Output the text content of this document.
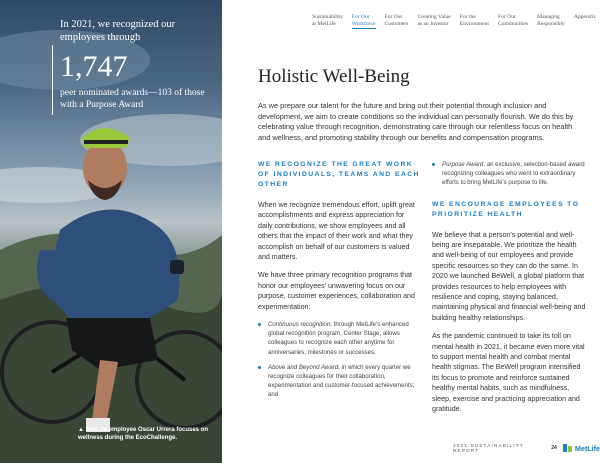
In 2021, we recognized our employees through
1,747
peer nominated awards—103 of those with a Purpose Award
▲ MetLife employee Oscar Urrera focuses on wellness during the EcoChallenge.
Sustainability
at MetLife
For Our
Workforce
For Our
Customers
Creating Value
as an Investor
For the
Environment
For Our
Communities
Managing
Responsibly
Appendix
Holistic Well-Being

As we prepare our talent for the future and bring out their potential through inclusion and development, we aim to create conditions so the individual can personally flourish. We do this by celebrating value through recognition, demonstrating care through our relentless focus on health and wellness, and promoting stability through our benefits and compensation programs.

WE RECOGNIZE THE GREAT WORK OF INDIVIDUALS, TEAMS AND EACH OTHER

When we recognize tremendous effort, uplift great accomplishments and express appreciation for daily contributions, we show employees and all others that the impact of their work and what they accomplish on behalf of our customers is valued and matters.

We have three primary recognition programs that honor our employees' unwavering focus on our purpose, customer experiences, collaboration and experimentation:

Continuous recognition, through MetLife's enhanced global recognition program, Center Stage, allows colleagues to recognize each other anytime for anniversaries, milestones or successes;
Above and Beyond Award, in which every quarter we recognize colleagues for their collaboration, experimentation and customer-focused achievements; and
Purpose Award, an exclusive, selection-based award recognizing colleagues who went to extraordinary efforts to bring MetLife's purpose to life.

WE ENCOURAGE EMPLOYEES TO PRIORITIZE HEALTH

We believe that a person's potential and well-being are inseparable. We prioritize the health and well-being of our employees and provide specific resources so they can do the same. In 2020 we launched BeWell, a global platform that provides resources to help employees with resilience and coping, staying balanced, maintaining physical and financial well-being and building healthy relationships.

As the pandemic continued to take its toll on mental health in 2021, it became even more vital to support mental health and combat mental health stigmas. The BeWell program intensified its focus to promote and reinforce sustained healthy mental habits, such as mindfulness, sleep, exercise and practicing appreciation and gratitude.

2021 SUSTAINABILITY REPORT	24	MetLife
